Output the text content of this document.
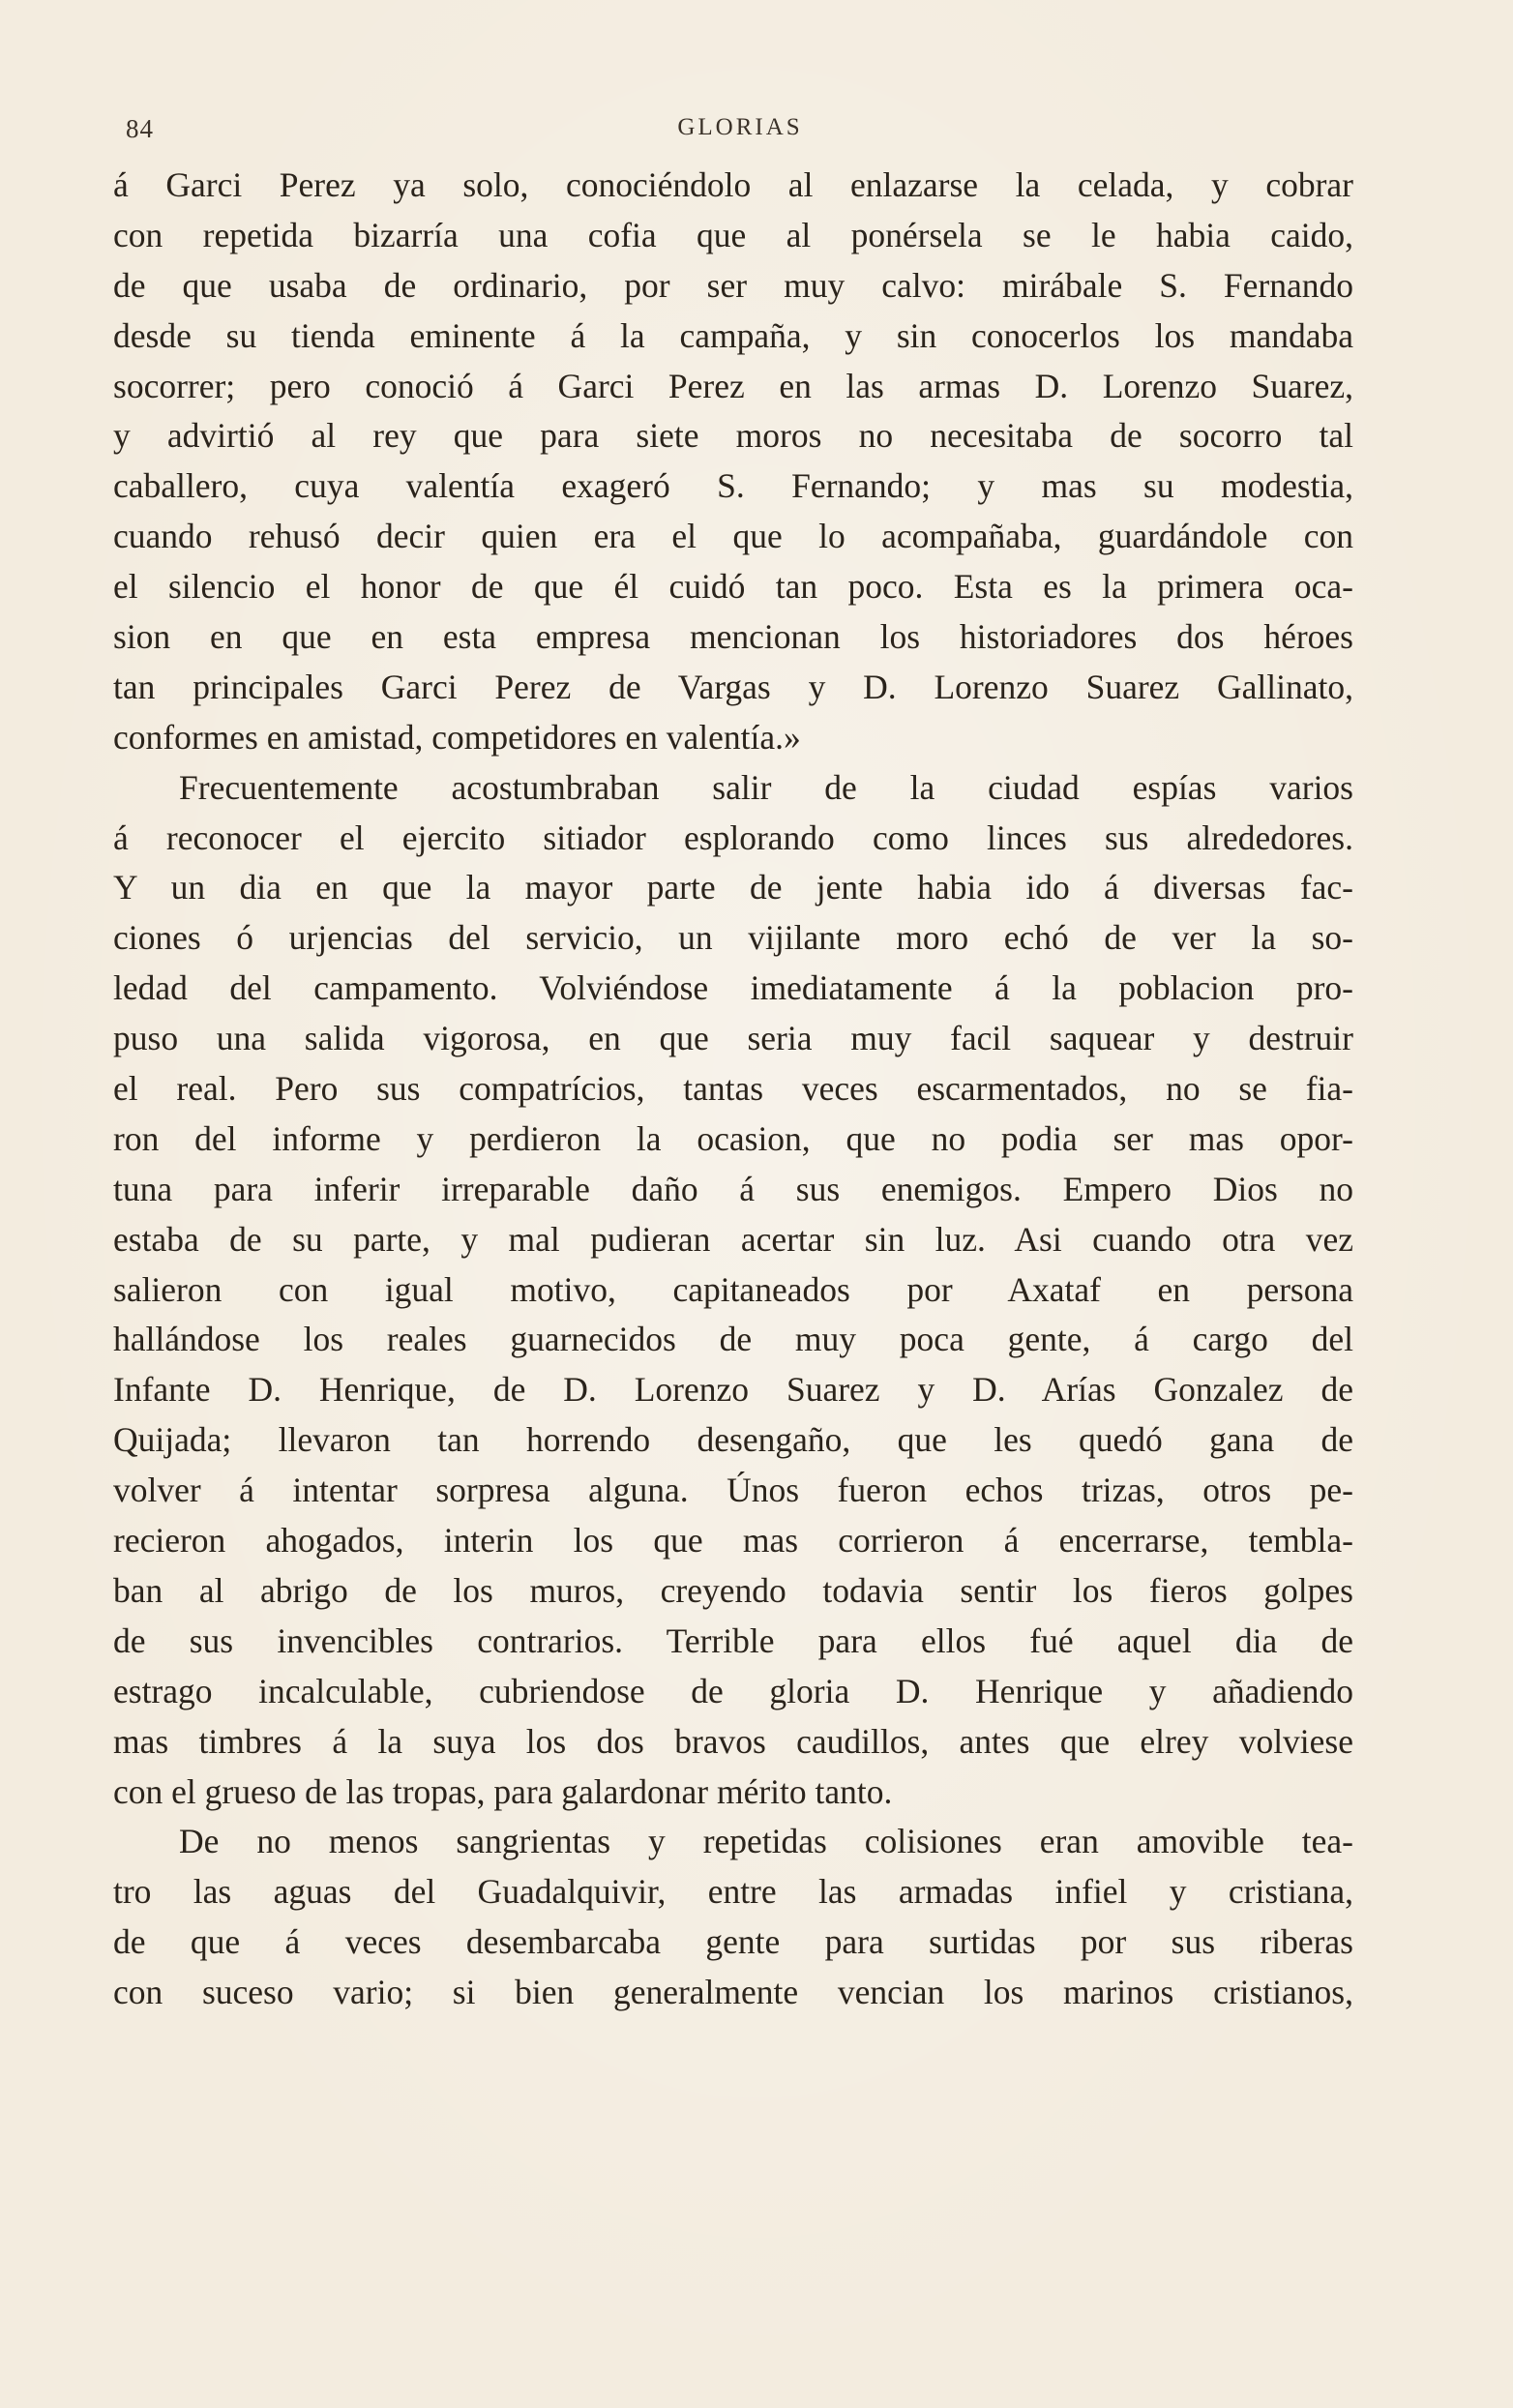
84	GLORIAS
á Garci Perez ya solo, conociéndolo al enlazarse la celada, y cobrar
con repetida bizarría una cofia que al ponérsela se le habia caido,
de que usaba de ordinario, por ser muy calvo: mirábale S. Fernando
desde su tienda eminente á la campaña, y sin conocerlos los mandaba
socorrer; pero conoció á Garci Perez en las armas D. Lorenzo Suarez,
y advirtió al rey que para siete moros no necesitaba de socorro tal
caballero, cuya valentía exageró S. Fernando; y mas su modestia,
cuando rehusó decir quien era el que lo acompañaba, guardándole con
el silencio el honor de que él cuidó tan poco. Esta es la primera oca-
sion en que en esta empresa mencionan los historiadores dos héroes
tan principales Garci Perez de Vargas y D. Lorenzo Suarez Gallinato,
conformes en amistad, competidores en valentía.»
Frecuentemente acostumbraban salir de la ciudad espías varios
á reconocer el ejercito sitiador esplorando como linces sus alrededores.
Y un dia en que la mayor parte de jente habia ido á diversas fac-
ciones ó urjencias del servicio, un vijilante moro echó de ver la so-
ledad del campamento. Volviéndose imediatamente á la poblacion pro-
puso una salida vigorosa, en que seria muy facil saquear y destruir
el real. Pero sus compatrícios, tantas veces escarmentados, no se fia-
ron del informe y perdieron la ocasion, que no podia ser mas opor-
tuna para inferir irreparable daño á sus enemigos. Empero Dios no
estaba de su parte, y mal pudieran acertar sin luz. Asi cuando otra vez
salieron con igual motivo, capitaneados por Axataf en persona
hallándose los reales guarnecidos de muy poca gente, á cargo del
Infante D. Henrique, de D. Lorenzo Suarez y D. Arías Gonzalez de
Quijada; llevaron tan horrendo desengaño, que les quedó gana de
volver á intentar sorpresa alguna. Únos fueron echos trizas, otros pe-
recieron ahogados, interin los que mas corrieron á encerrarse, tembla-
ban al abrigo de los muros, creyendo todavia sentir los fieros golpes
de sus invencibles contrarios. Terrible para ellos fué aquel dia de
estrago incalculable, cubriendose de gloria D. Henrique y añadiendo
mas timbres á la suya los dos bravos caudillos, antes que elrey volviese
con el grueso de las tropas, para galardonar mérito tanto.
De no menos sangrientas y repetidas colisiones eran amovible tea-
tro las aguas del Guadalquivir, entre las armadas infiel y cristiana,
de que á veces desembarcaba gente para surtidas por sus riberas
con suceso vario; si bien generalmente vencian los marinos cristianos,
